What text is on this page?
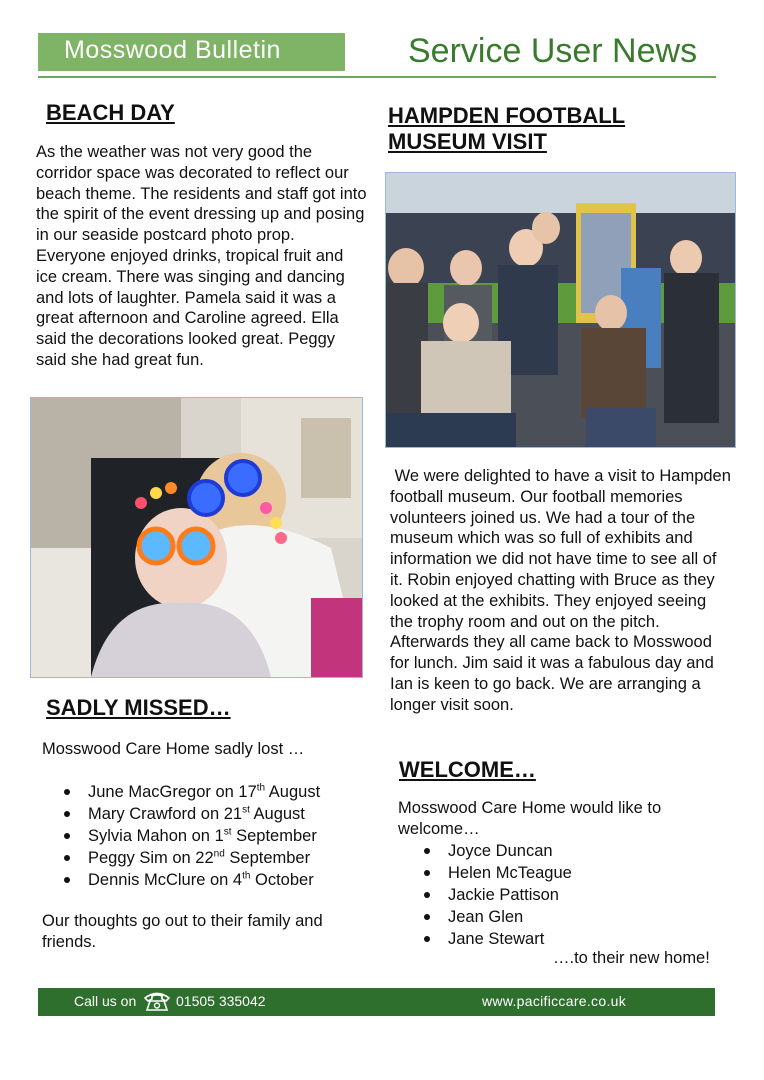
Mosswood Bulletin	Service User News
BEACH DAY
As the weather was not very good the corridor space was decorated to reflect our beach theme. The residents and staff got into the spirit of the event dressing up and posing in our seaside postcard photo prop. Everyone enjoyed drinks, tropical fruit and ice cream. There was singing and dancing and lots of laughter. Pamela said it was a great afternoon and Caroline agreed. Ella said the decorations looked great. Peggy said she had great fun.
HAMPDEN FOOTBALL
MUSEUM VISIT
We were delighted to have a visit to Hampden football museum. Our football memories volunteers joined us. We had a tour of the museum which was so full of exhibits and information we did not have time to see all of it. Robin enjoyed chatting with Bruce as they looked at the exhibits. They enjoyed seeing the trophy room and out on the pitch. Afterwards they all came back to Mosswood for lunch. Jim said it was a fabulous day and Ian is keen to go back. We are arranging a longer visit soon.
SADLY MISSED…
Mosswood Care Home sadly lost …
June MacGregor on 17th August
Mary Crawford on 21st August
Sylvia Mahon on 1st September
Peggy Sim on 22nd September
Dennis McClure on 4th October
Our thoughts go out to their family and friends.
WELCOME…
Mosswood Care Home would like to welcome…
Joyce Duncan
Helen McTeague
Jackie Pattison
Jean Glen
Jane Stewart
….to their new home!
Call us on	01505 335042	www.pacificcare.co.uk
